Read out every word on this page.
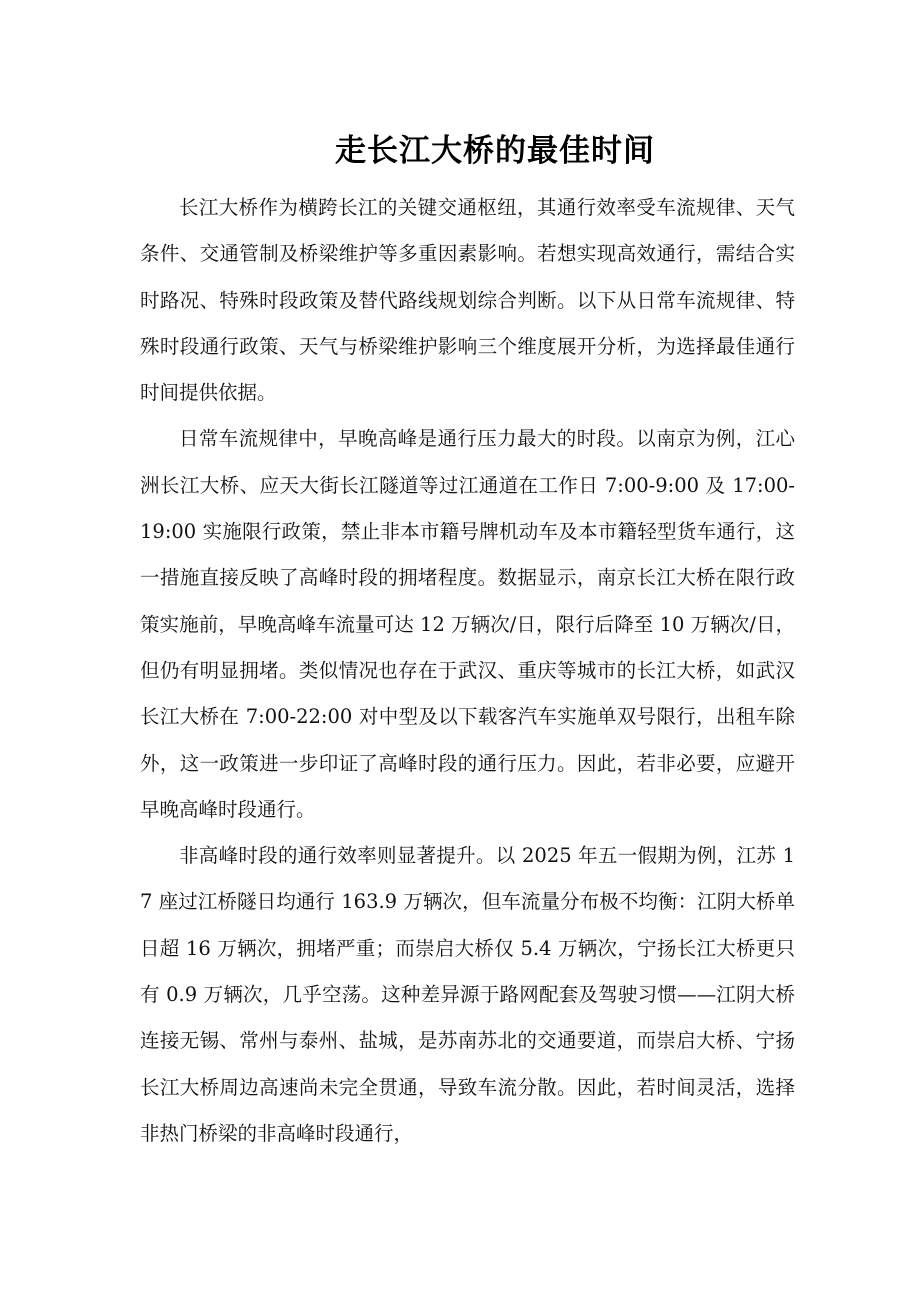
走长江大桥的最佳时间

长江大桥作为横跨长江的关键交通枢纽，其通行效率受车流规律、天气条件、交通管制及桥梁维护等多重因素影响。若想实现高效通行，需结合实时路况、特殊时段政策及替代路线规划综合判断。以下从日常车流规律、特殊时段通行政策、天气与桥梁维护影响三个维度展开分析，为选择最佳通行时间提供依据。

日常车流规律中，早晚高峰是通行压力最大的时段。以南京为例，江心洲长江大桥、应天大街长江隧道等过江通道在工作日 7:00-9:00 及 17:00-19:00 实施限行政策，禁止非本市籍号牌机动车及本市籍轻型货车通行，这一措施直接反映了高峰时段的拥堵程度。数据显示，南京长江大桥在限行政策实施前，早晚高峰车流量可达 12 万辆次/日，限行后降至 10 万辆次/日，但仍有明显拥堵。类似情况也存在于武汉、重庆等城市的长江大桥，如武汉长江大桥在 7:00-22:00 对中型及以下载客汽车实施单双号限行，出租车除外，这一政策进一步印证了高峰时段的通行压力。因此，若非必要，应避开早晚高峰时段通行。

非高峰时段的通行效率则显著提升。以 2025 年五一假期为例，江苏 17 座过江桥隧日均通行 163.9 万辆次，但车流量分布极不均衡：江阴大桥单日超 16 万辆次，拥堵严重；而崇启大桥仅 5.4 万辆次，宁扬长江大桥更只有 0.9 万辆次，几乎空荡。这种差异源于路网配套及驾驶习惯——江阴大桥连接无锡、常州与泰州、盐城，是苏南苏北的交通要道，而崇启大桥、宁扬长江大桥周边高速尚未完全贯通，导致车流分散。因此，若时间灵活，选择非热门桥梁的非高峰时段通行，
